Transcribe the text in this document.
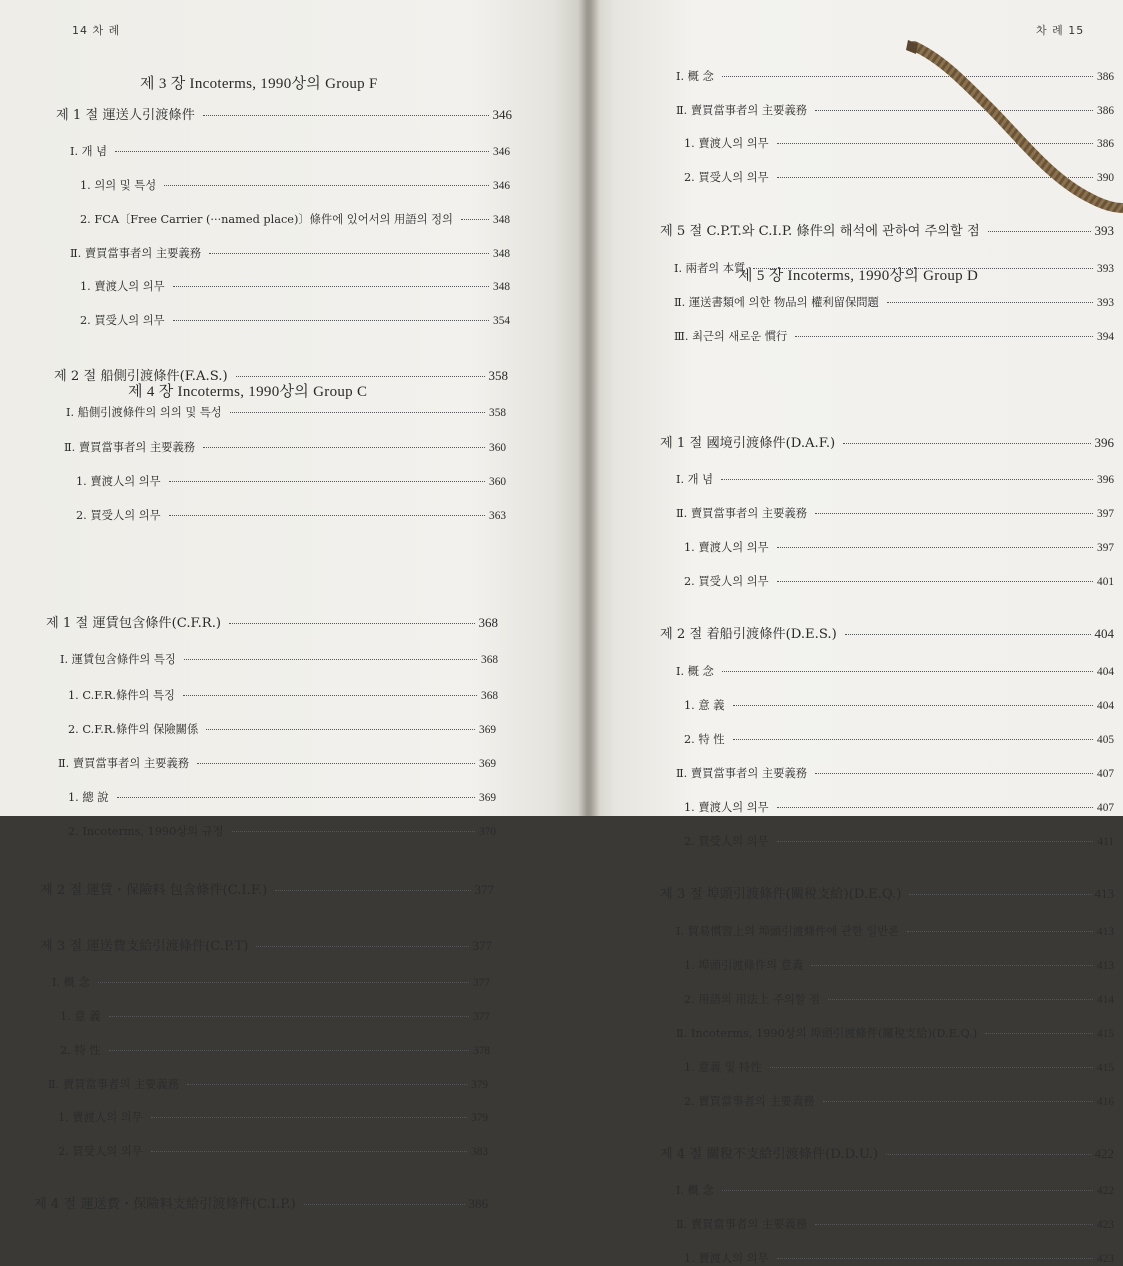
14 차 례
제 3 장 Incoterms, 1990상의 Group F
제 1 절 運送人引渡條件	346
Ⅰ. 개 념	346
1. 의의 및 특성	346
2. FCA〔Free Carrier (···named place)〕條件에 있어서의 用語의 정의	348
Ⅱ. 賣買當事者의 主要義務	348
1. 賣渡人의 의무	348
2. 買受人의 의무	354
제 2 절 船側引渡條件(F.A.S.)	358
Ⅰ. 船側引渡條件의 의의 및 특성	358
Ⅱ. 賣買當事者의 主要義務	360
1. 賣渡人의 의무	360
2. 買受人의 의무	363
제 4 장 Incoterms, 1990상의 Group C
제 1 절 運賃包含條件(C.F.R.)	368
Ⅰ. 運賃包含條件의 특징	368
1. C.F.R.條件의 특징	368
2. C.F.R.條件의 保險關係	369
Ⅱ. 賣買當事者의 主要義務	369
1. 總 說	369
2. Incoterms, 1990상의 규정	370
제 2 절 運賃・保險料 包含條件(C.I.F.)	377
제 3 절 運送費支給引渡條件(C.P.T)	377
Ⅰ. 概 念	377
1. 意 義	377
2. 特 性	378
Ⅱ. 賣買當事者의 主要義務	379
1. 賣渡人의 의무	379
2. 買受人의 의무	383
제 4 절 運送費・保險料支給引渡條件(C.I.P.)	386
차 례 15
Ⅰ. 概 念	386
Ⅱ. 賣買當事者의 主要義務	386
1. 賣渡人의 의무	386
2. 買受人의 의무	390
제 5 절 C.P.T.와 C.I.P. 條件의 해석에 관하여 주의할 점	393
Ⅰ. 兩者의 本質	393
Ⅱ. 運送書類에 의한 物品의 權利留保問題	393
Ⅲ. 최근의 새로운 慣行	394
제 5 장 Incoterms, 1990상의 Group D
제 1 절 國境引渡條件(D.A.F.)	396
Ⅰ. 개 념	396
Ⅱ. 賣買當事者의 主要義務	397
1. 賣渡人의 의무	397
2. 買受人의 의무	401
제 2 절 着船引渡條件(D.E.S.)	404
Ⅰ. 概 念	404
1. 意 義	404
2. 特 性	405
Ⅱ. 賣買當事者의 主要義務	407
1. 賣渡人의 의무	407
2. 買受人의 의무	411
제 3 절 埠頭引渡條件(關稅支給)(D.E.Q.)	413
Ⅰ. 貿易慣習上의 埠頭引渡條件에 관한 일반론	413
1. 埠頭引渡條件의 意義	413
2. 用語의 用法上 주의할 점	414
Ⅱ. Incoterms, 1990상의 埠頭引渡條件(關稅支給)(D.E.Q.)	415
1. 意義 및 特性	415
2. 賣買當事者의 主要義務	416
제 4 절 關稅不支給引渡條件(D.D.U.)	422
Ⅰ. 概 念	422
Ⅱ. 賣買當事者의 主要義務	423
1. 賣渡人의 의무	423
